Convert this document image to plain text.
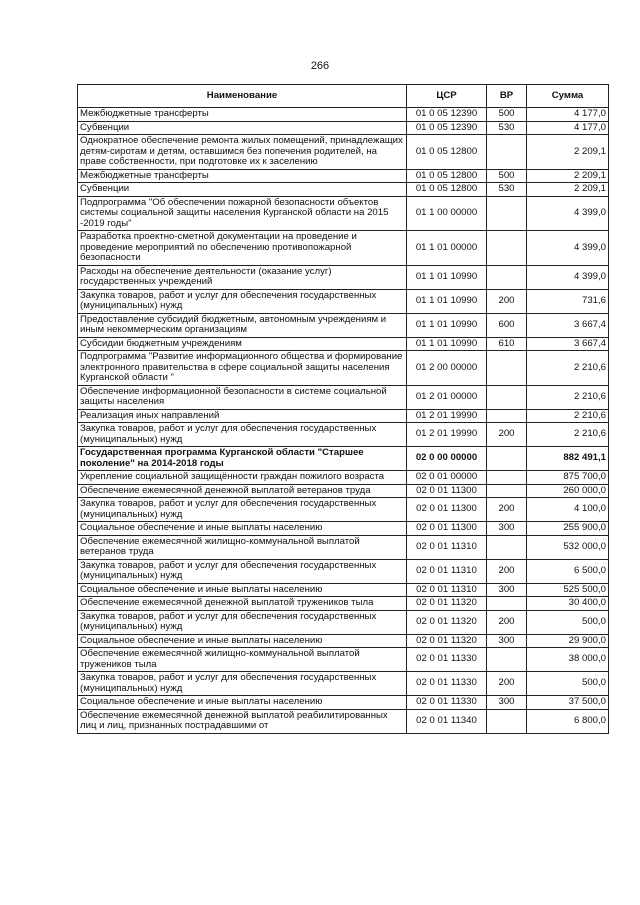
266
Наименование	ЦСР	ВР	Сумма
Межбюджетные трансферты	01 0 05 12390	500	4 177,0
Субвенции	01 0 05 12390	530	4 177,0
Однократное обеспечение ремонта жилых помещений, принадлежащих детям-сиротам и детям, оставшимся без попечения родителей, на праве собственности, при подготовке их к заселению	01 0 05 12800		2 209,1
Межбюджетные трансферты	01 0 05 12800	500	2 209,1
Субвенции	01 0 05 12800	530	2 209,1
Подпрограмма "Об обеспечении пожарной безопасности объектов системы социальной защиты населения Курганской области на 2015 -2019 годы"	01 1 00 00000		4 399,0
Разработка проектно-сметной документации на проведение и проведение мероприятий по обеспечению противопожарной безопасности	01 1 01 00000		4 399,0
Расходы на обеспечение деятельности (оказание услуг) государственных учреждений	01 1 01 10990		4 399,0
Закупка товаров, работ и услуг для обеспечения государственных (муниципальных) нужд	01 1 01 10990	200	731,6
Предоставление субсидий бюджетным, автономным учреждениям и иным некоммерческим организациям	01 1 01 10990	600	3 667,4
Субсидии бюджетным учреждениям	01 1 01 10990	610	3 667,4
Подпрограмма "Развитие информационного общества и формирование электронного правительства в сфере социальной защиты населения Курганской области "	01 2 00 00000		2 210,6
Обеспечение информационной безопасности в системе социальной защиты населения	01 2 01 00000		2 210,6
Реализация иных направлений	01 2 01 19990		2 210,6
Закупка товаров, работ и услуг для обеспечения государственных (муниципальных) нужд	01 2 01 19990	200	2 210,6
Государственная программа Курганской области "Старшее поколение" на 2014-2018 годы	02 0 00 00000		882 491,1
Укрепление социальной защищённости граждан пожилого возраста	02 0 01 00000		875 700,0
Обеспечение ежемесячной денежной выплатой ветеранов труда	02 0 01 11300		260 000,0
Закупка товаров, работ и услуг для обеспечения государственных (муниципальных) нужд	02 0 01 11300	200	4 100,0
Социальное обеспечение и иные выплаты населению	02 0 01 11300	300	255 900,0
Обеспечение ежемесячной жилищно-коммунальной выплатой ветеранов труда	02 0 01 11310		532 000,0
Закупка товаров, работ и услуг для обеспечения государственных (муниципальных) нужд	02 0 01 11310	200	6 500,0
Социальное обеспечение и иные выплаты населению	02 0 01 11310	300	525 500,0
Обеспечение ежемесячной денежной выплатой тружеников тыла	02 0 01 11320		30 400,0
Закупка товаров, работ и услуг для обеспечения государственных (муниципальных) нужд	02 0 01 11320	200	500,0
Социальное обеспечение и иные выплаты населению	02 0 01 11320	300	29 900,0
Обеспечение ежемесячной жилищно-коммунальной выплатой тружеников тыла	02 0 01 11330		38 000,0
Закупка товаров, работ и услуг для обеспечения государственных (муниципальных) нужд	02 0 01 11330	200	500,0
Социальное обеспечение и иные выплаты населению	02 0 01 11330	300	37 500,0
Обеспечение ежемесячной денежной выплатой реабилитированных лиц и лиц, признанных пострадавшими от	02 0 01 11340		6 800,0
